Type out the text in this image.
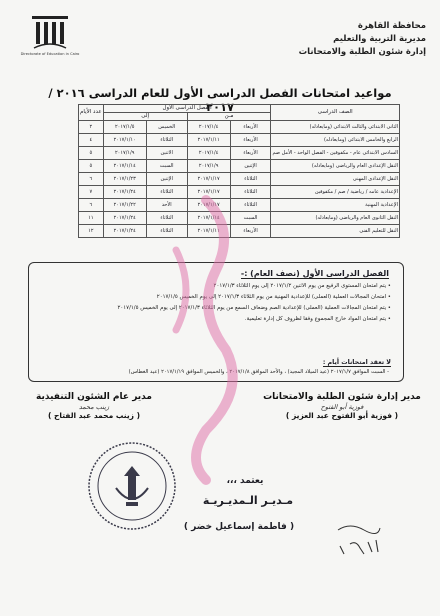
Directorate of Education in Cairo
محافظة القاهرة
مديرية التربية والتعليم
إدارة شئون الطلبة والامتحانات
مواعيد امتحانات الفصل الدراسى الأول للعام الدراسى ٢٠١٦ / ٢٠١٧	الصف الدراسى	الفصل الدراسى الأول				عدد الأيام
	مـن		إلى		
الثانى الابتدائى والثالث الابتدائى (ومايعادله)	الأربعاء	٢٠١٧/١/٤	الخميس	٢٠١٧/١/٥	٢
الرابع والخامس الابتدائى (ومايعادله)	الأربعاء	٢٠١٧/١/١١	الثلاثاء	٢٠١٧/١/١٠	٤
السادس الابتدائى عام - مكفوفين - الفصل الواحد - الأمل صم	الأربعاء	٢٠١٧/١/٤	الاثنين	٢٠١٧/١/٩	٥
النقل الإعدادى العام والرياضى (ومايعادله)	الإثنين	٢٠١٧/١/٩	السبت	٢٠١٧/١/١٤	٥
النقل الإعدادى المهنى	الثلاثاء	٢٠١٧/١/١٧	الإثنين	٢٠١٧/١/٢٣	٦
الإعدادية عامه / رياضية / صم / مكفوفين	الثلاثاء	٢٠١٧/١/١٧	الثلاثاء	٢٠١٧/١/٢٤	٧
الإعدادية المهنية	الثلاثاء	٢٠١٧/١/١٧	الأحد	٢٠١٧/١/٢٢	٦
النقل الثانوى العام والرياضى (ومايعادله)	السبت	٢٠١٧/١/١٤	الثلاثاء	٢٠١٧/١/٢٤	١١
النقل للتعليم الفنى	الأربعاء	٢٠١٧/١/١١	الثلاثاء	٢٠١٧/١/٢٤	١٢
الفصل الدراسى الأول (نصف العام) :-
• يتم امتحان المستوى الرفيع من يوم الاثنين ٢٠١٧/١/٢ إلى يوم الثلاثاء ٢٠١٧/١/٣
• امتحان المجالات العملية (العملى) للإعدادية المهنية من يوم الثلاثاء ٢٠١٧/١/٣ إلى يوم الخميس ٢٠١٧/١/٥
• يتم امتحان المجالات العملية (العملى) للإعدادية الصم وضعاف السمع من يوم الثلاثاء ٢٠١٧/١/٣ إلى يوم الخميس ٢٠١٧/١/٥
• يتم امتحان المواد خارج المجموع وفقا لظروف كل إدارة تعليمية.
لا تعقد امتحانات أيام :
- السبت الموافق ٢٠١٧/١/٧ (عيد الميلاد المجيد) ، والأحد الموافق ٢٠١٧/١/٨ ، والخميس الموافق ٢٠١٧/١/١٩ (عيد الغطاس)
مدير عام الشئون التنفيذية
زينب محمد
( زينب محمد عبد الفتاح )
مدير إدارة شئون الطلبة والامتحانات
فوزية أبو الفتوح
( فوزية أبو الفتوح عبد العزيز )
يعتمد ،،،
مـديـر الـمديـريـة
( فاطمة إسماعيل خضر )
